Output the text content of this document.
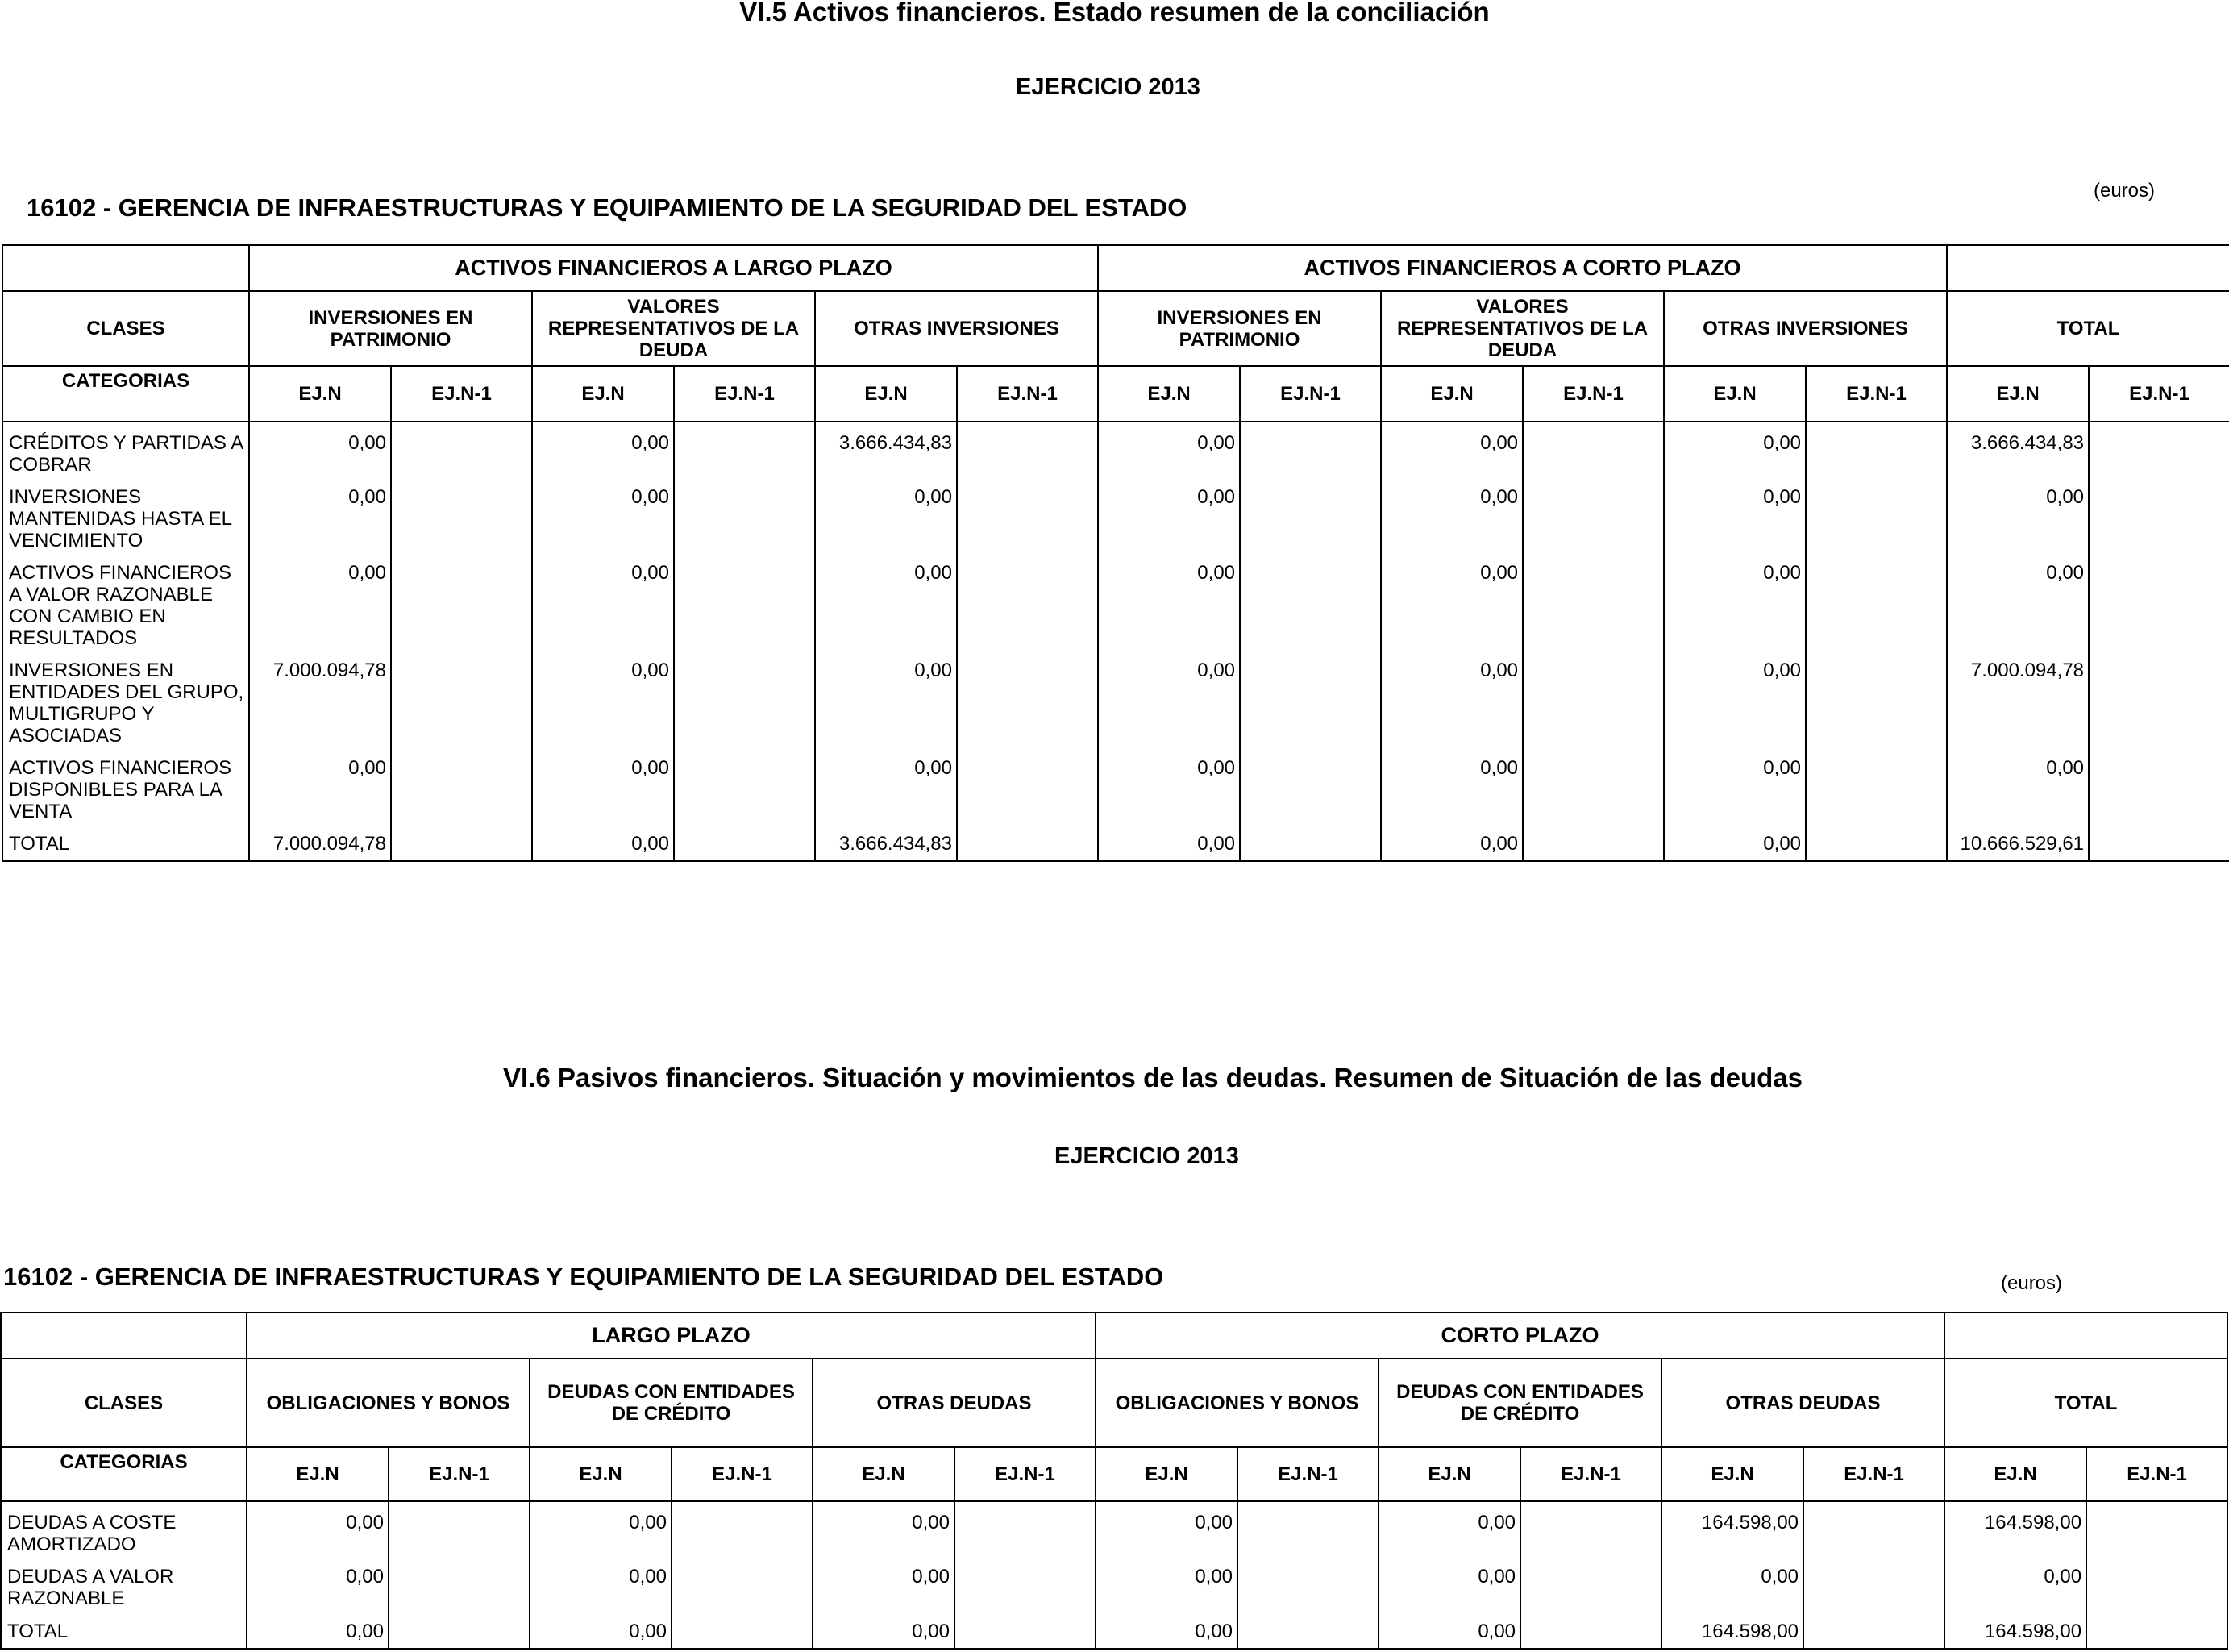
VI.5 Activos financieros. Estado resumen de la conciliación
EJERCICIO 2013
(euros)
16102 - GERENCIA DE INFRAESTRUCTURAS Y EQUIPAMIENTO DE LA SEGURIDAD DEL ESTADO
	ACTIVOS FINANCIEROS A LARGO PLAZO						ACTIVOS FINANCIEROS A CORTO PLAZO							
CLASES	INVERSIONES EN PATRIMONIO		VALORES REPRESENTATIVOS DE LA DEUDA		OTRAS INVERSIONES		INVERSIONES EN PATRIMONIO		VALORES REPRESENTATIVOS DE LA DEUDA		OTRAS INVERSIONES		TOTAL	
CATEGORIAS	EJ.N	EJ.N-1	EJ.N	EJ.N-1	EJ.N	EJ.N-1	EJ.N	EJ.N-1	EJ.N	EJ.N-1	EJ.N	EJ.N-1	EJ.N	EJ.N-1
CRÉDITOS Y PARTIDAS A COBRAR	0,00		0,00		3.666.434,83		0,00		0,00		0,00		3.666.434,83	
INVERSIONES MANTENIDAS HASTA EL VENCIMIENTO	0,00		0,00		0,00		0,00		0,00		0,00		0,00	
ACTIVOS FINANCIEROS A VALOR RAZONABLE CON CAMBIO EN RESULTADOS	0,00		0,00		0,00		0,00		0,00		0,00		0,00	
INVERSIONES EN ENTIDADES DEL GRUPO, MULTIGRUPO Y ASOCIADAS	7.000.094,78		0,00		0,00		0,00		0,00		0,00		7.000.094,78	
ACTIVOS FINANCIEROS DISPONIBLES PARA LA VENTA	0,00		0,00		0,00		0,00		0,00		0,00		0,00	
TOTAL	7.000.094,78		0,00		3.666.434,83		0,00		0,00		0,00		10.666.529,61	
VI.6 Pasivos financieros. Situación y movimientos de las deudas. Resumen de Situación de las deudas
EJERCICIO 2013
16102 - GERENCIA DE INFRAESTRUCTURAS Y EQUIPAMIENTO DE LA SEGURIDAD DEL ESTADO	(euros)
	LARGO PLAZO						CORTO PLAZO							
CLASES	OBLIGACIONES Y BONOS		DEUDAS CON ENTIDADES DE CRÉDITO		OTRAS DEUDAS		OBLIGACIONES Y BONOS		DEUDAS CON ENTIDADES DE CRÉDITO		OTRAS DEUDAS		TOTAL	
CATEGORIAS	EJ.N	EJ.N-1	EJ.N	EJ.N-1	EJ.N	EJ.N-1	EJ.N	EJ.N-1	EJ.N	EJ.N-1	EJ.N	EJ.N-1	EJ.N	EJ.N-1
DEUDAS A COSTE AMORTIZADO	0,00		0,00		0,00		0,00		0,00		164.598,00		164.598,00	
DEUDAS A VALOR RAZONABLE	0,00		0,00		0,00		0,00		0,00		0,00		0,00	
TOTAL	0,00		0,00		0,00		0,00		0,00		164.598,00		164.598,00	
